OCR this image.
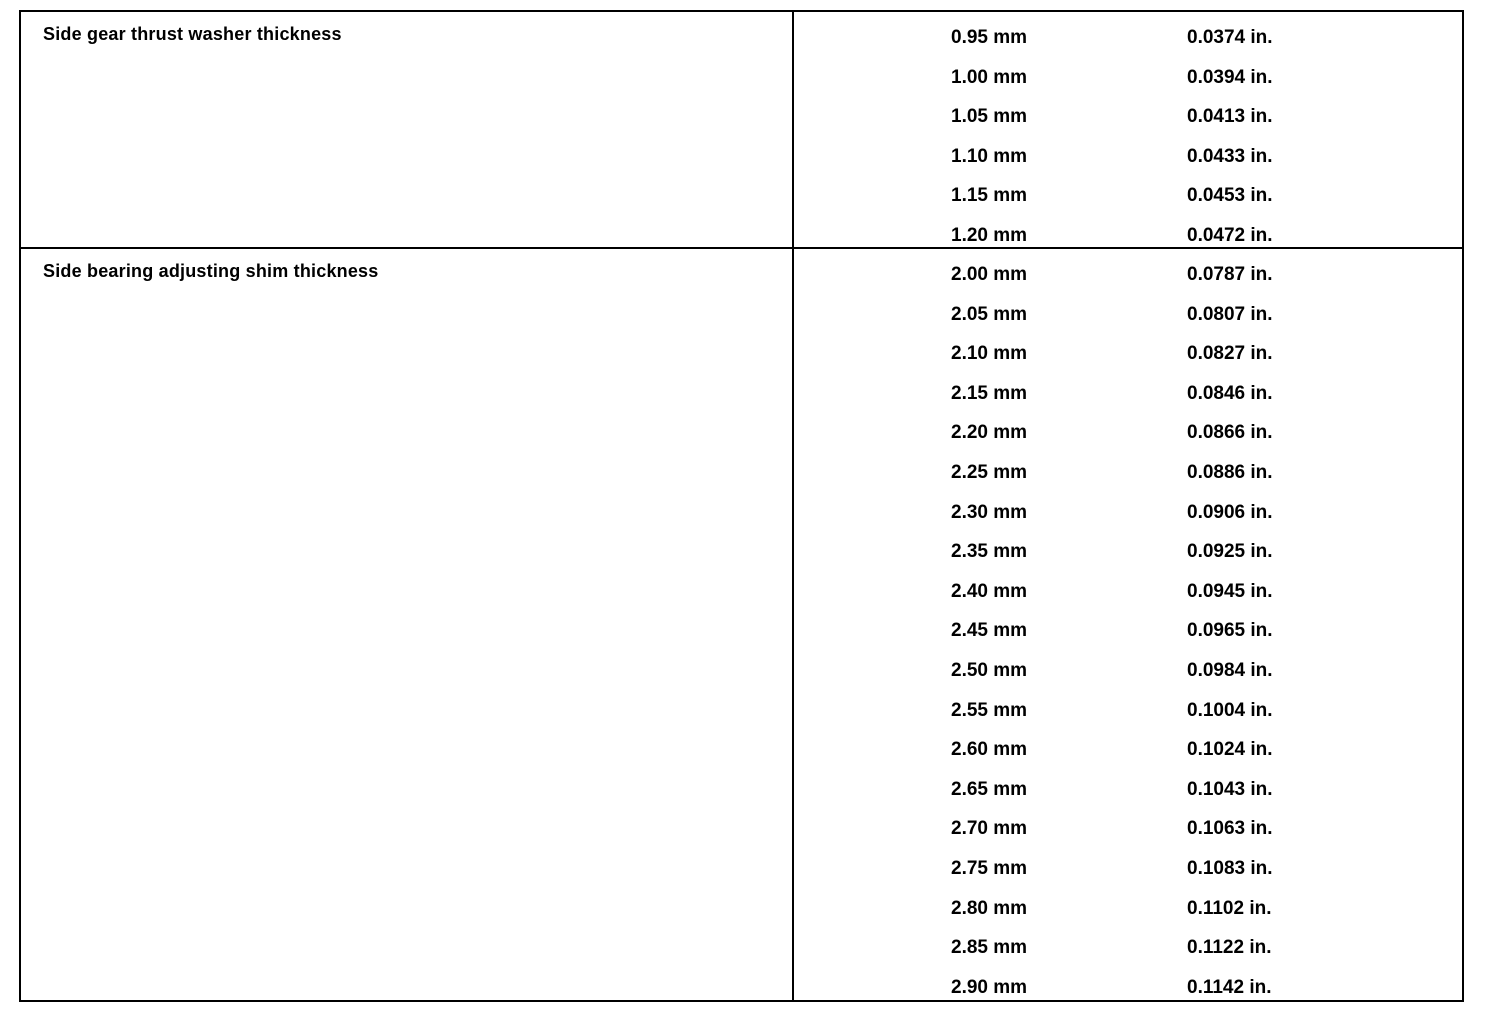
Side gear thrust washer thickness	0.95 mm	0.0374 in.
1.00 mm	0.0394 in.
1.05 mm	0.0413 in.
1.10 mm	0.0433 in.
1.15 mm	0.0453 in.
1.20 mm	0.0472 in.
Side bearing adjusting shim thickness	2.00 mm	0.0787 in.
2.05 mm	0.0807 in.
2.10 mm	0.0827 in.
2.15 mm	0.0846 in.
2.20 mm	0.0866 in.
2.25 mm	0.0886 in.
2.30 mm	0.0906 in.
2.35 mm	0.0925 in.
2.40 mm	0.0945 in.
2.45 mm	0.0965 in.
2.50 mm	0.0984 in.
2.55 mm	0.1004 in.
2.60 mm	0.1024 in.
2.65 mm	0.1043 in.
2.70 mm	0.1063 in.
2.75 mm	0.1083 in.
2.80 mm	0.1102 in.
2.85 mm	0.1122 in.
2.90 mm	0.1142 in.
